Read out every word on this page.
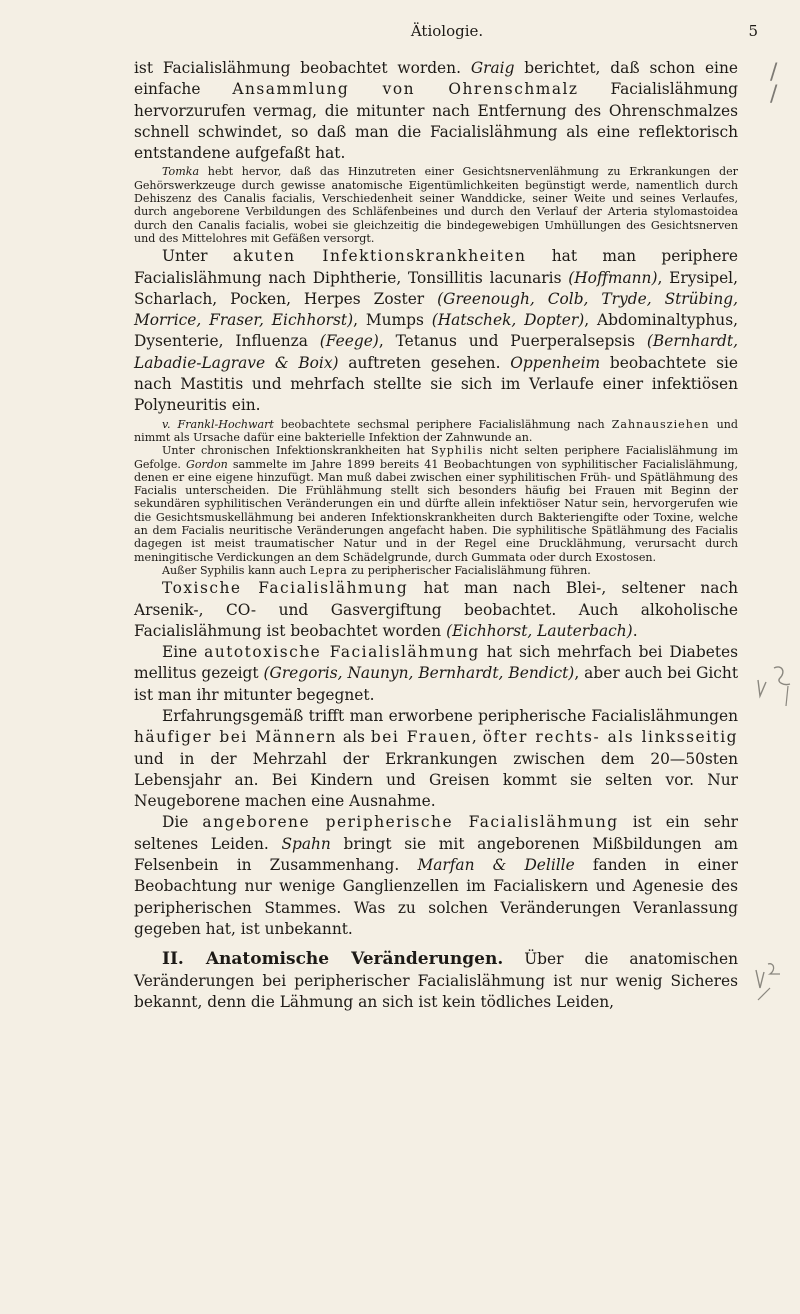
Ätiologie.	5

ist Facialislähmung beobachtet worden. Graig berichtet, daß schon eine einfache Ansammlung von Ohrenschmalz Facialislähmung hervorzurufen vermag, die mitunter nach Entfernung des Ohrenschmalzes schnell schwindet, so daß man die Facialislähmung als eine reflektorisch entstandene aufgefaßt hat.

Tomka hebt hervor, daß das Hinzutreten einer Gesichtsnervenlähmung zu Erkrankungen der Gehörswerkzeuge durch gewisse anatomische Eigentümlichkeiten begünstigt werde, namentlich durch Dehiszenz des Canalis facialis, Verschiedenheit seiner Wanddicke, seiner Weite und seines Verlaufes, durch angeborene Verbildungen des Schläfenbeines und durch den Verlauf der Arteria stylomastoidea durch den Canalis facialis, wobei sie gleichzeitig die bindegewebigen Umhüllungen des Gesichtsnerven und des Mittelohres mit Gefäßen versorgt.

Unter akuten Infektionskrankheiten hat man periphere Facialislähmung nach Diphtherie, Tonsillitis lacunaris (Hoffmann), Erysipel, Scharlach, Pocken, Herpes Zoster (Greenough, Colb, Tryde, Strübing, Morrice, Fraser, Eichhorst), Mumps (Hatschek, Dopter), Abdominaltyphus, Dysenterie, Influenza (Feege), Tetanus und Puerperalsepsis (Bernhardt, Labadie-Lagrave & Boix) auftreten gesehen. Oppenheim beobachtete sie nach Mastitis und mehrfach stellte sie sich im Verlaufe einer infektiösen Polyneuritis ein.

v. Frankl-Hochwart beobachtete sechsmal periphere Facialislähmung nach Zahnausziehen und nimmt als Ursache dafür eine bakterielle Infektion der Zahnwunde an.

Unter chronischen Infektionskrankheiten hat Syphilis nicht selten periphere Facialislähmung im Gefolge. Gordon sammelte im Jahre 1899 bereits 41 Beobachtungen von syphilitischer Facialislähmung, denen er eine eigene hinzufügt. Man muß dabei zwischen einer syphilitischen Früh- und Spätlähmung des Facialis unterscheiden. Die Frühlähmung stellt sich besonders häufig bei Frauen mit Beginn der sekundären syphilitischen Veränderungen ein und dürfte allein infektiöser Natur sein, hervorgerufen wie die Gesichtsmuskellähmung bei anderen Infektionskrankheiten durch Bakteriengifte oder Toxine, welche an dem Facialis neuritische Veränderungen angefacht haben. Die syphilitische Spätlähmung des Facialis dagegen ist meist traumatischer Natur und in der Regel eine Drucklähmung, verursacht durch meningitische Verdickungen an dem Schädelgrunde, durch Gummata oder durch Exostosen.

Außer Syphilis kann auch Lepra zu peripherischer Facialislähmung führen.

Toxische Facialislähmung hat man nach Blei-, seltener nach Arsenik-, CO- und Gasvergiftung beobachtet. Auch alkoholische Facialislähmung ist beobachtet worden (Eichhorst, Lauterbach).

Eine autotoxische Facialislähmung hat sich mehrfach bei Diabetes mellitus gezeigt (Gregoris, Naunyn, Bernhardt, Bendict), aber auch bei Gicht ist man ihr mitunter begegnet.

Erfahrungsgemäß trifft man erworbene peripherische Facialislähmungen häufiger bei Männern als bei Frauen, öfter rechts- als linksseitig und in der Mehrzahl der Erkrankungen zwischen dem 20—50sten Lebensjahr an. Bei Kindern und Greisen kommt sie selten vor. Nur Neugeborene machen eine Ausnahme.

Die angeborene peripherische Facialislähmung ist ein sehr seltenes Leiden. Spahn bringt sie mit angeborenen Mißbildungen am Felsenbein in Zusammenhang. Marfan & Delille fanden in einer Beobachtung nur wenige Ganglienzellen im Facialiskern und Agenesie des peripherischen Stammes. Was zu solchen Veränderungen Veranlassung gegeben hat, ist unbekannt.

II. Anatomische Veränderungen. Über die anatomischen Veränderungen bei peripherischer Facialislähmung ist nur wenig Sicheres bekannt, denn die Lähmung an sich ist kein tödliches Leiden,

/
/
